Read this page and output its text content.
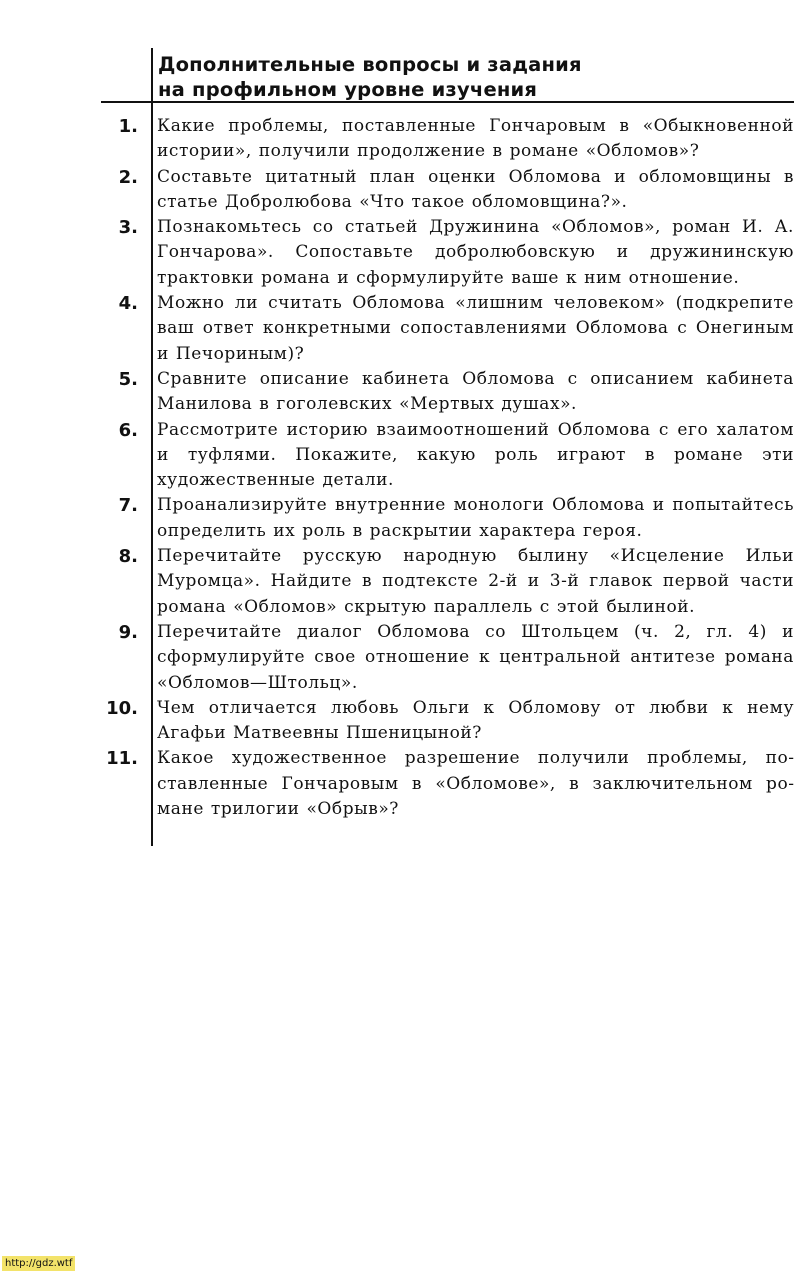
Дополнительные вопросы и задания
на профильном уровне изучения
1. Какие проблемы, поставленные Гончаровым в «Обыкновенной истории», получили продолжение в романе «Обломов»?
2. Составьте цитатный план оценки Обломова и обломовщины в статье Добролюбова «Что такое обломовщина?».
3. Познакомьтесь со статьей Дружинина «Обломов», роман И. А. Гончарова». Сопоставьте добролюбовскую и дружининскую трактовки романа и сформулируйте ваше к ним отношение.
4. Можно ли считать Обломова «лишним человеком» (подкрепите ваш ответ конкретными сопоставлениями Обломова с Онегиным и Печориным)?
5. Сравните описание кабинета Обломова с описанием кабинета Манилова в гоголевских «Мертвых душах».
6. Рассмотрите историю взаимоотношений Обломова с его халатом и туфлями. Покажите, какую роль играют в романе эти художественные детали.
7. Проанализируйте внутренние монологи Обломова и попытайтесь определить их роль в раскрытии характера героя.
8. Перечитайте русскую народную былину «Исцеление Ильи Муромца». Найдите в подтексте 2-й и 3-й главок первой части романа «Обломов» скрытую параллель с этой былиной.
9. Перечитайте диалог Обломова со Штольцем (ч. 2, гл. 4) и сформулируйте свое отношение к центральной антитезе романа «Обломов—Штольц».
10. Чем отличается любовь Ольги к Обломову от любви к нему Агафьи Матвеевны Пшеницыной?
11. Какое художественное разрешение получили проблемы, поставленные Гончаровым в «Обломове», в заключительном романе трилогии «Обрыв»?
http://gdz.wtf
